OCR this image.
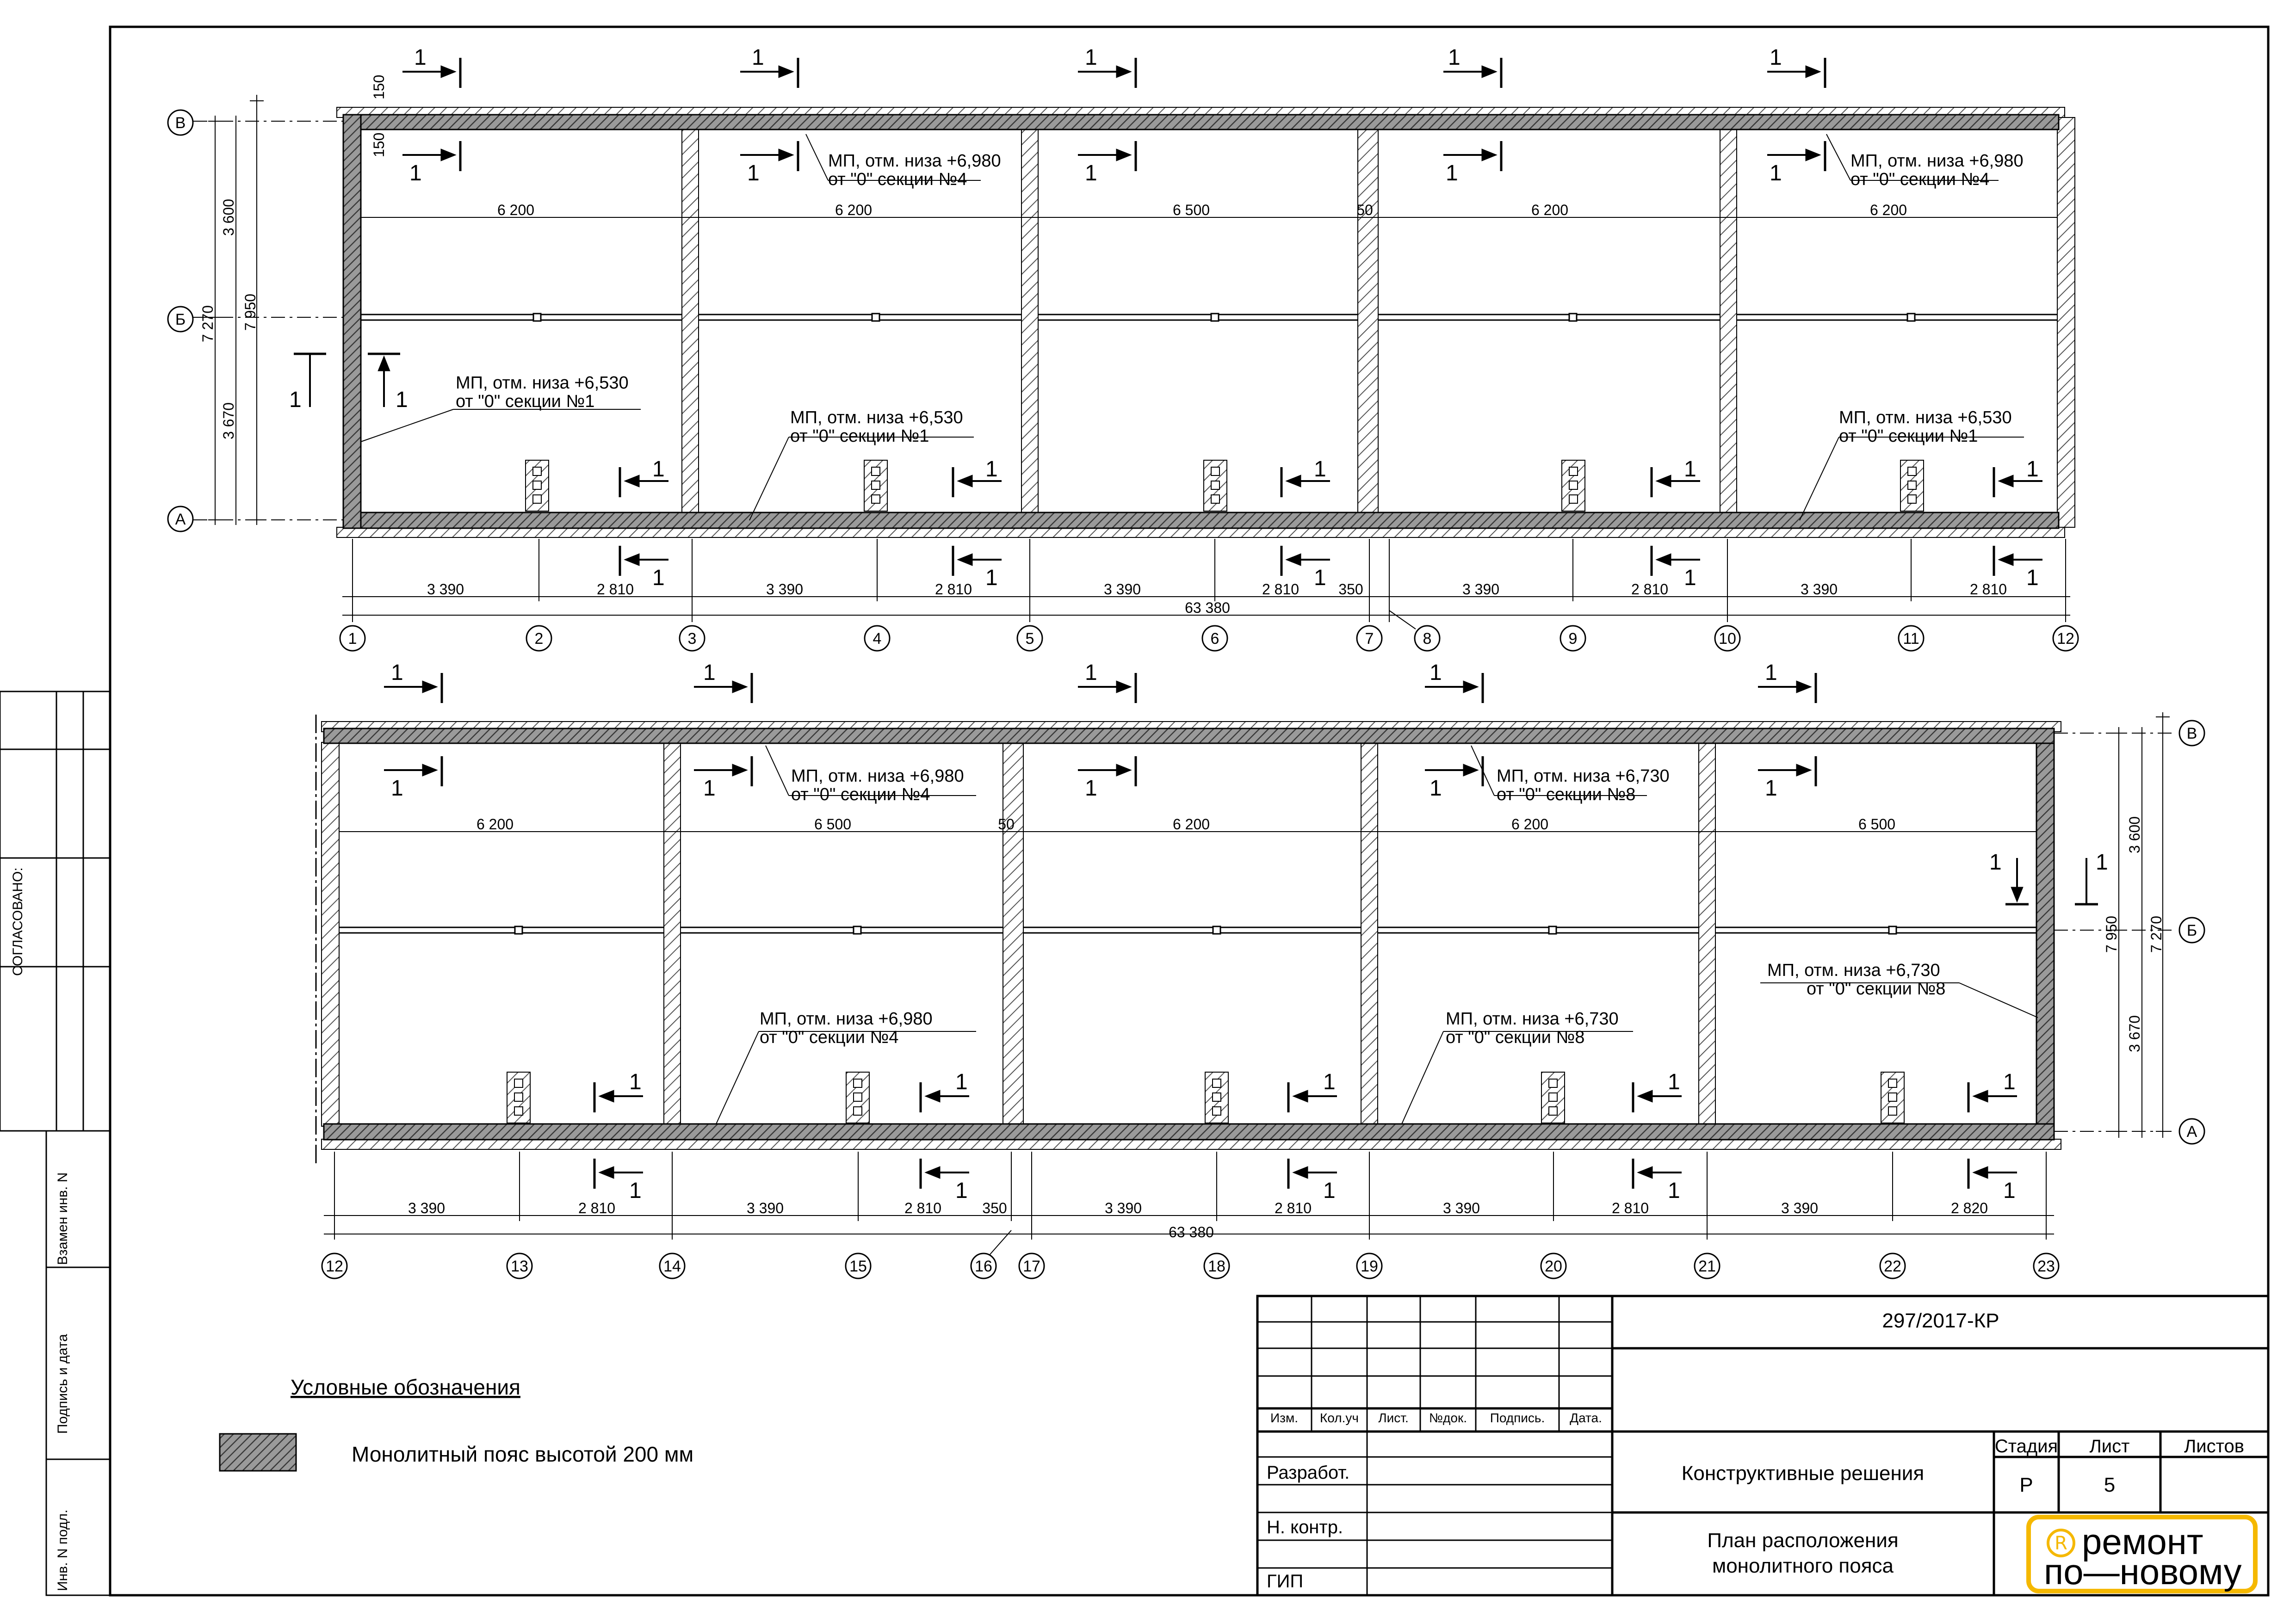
СОГЛАСОВАНО:
Взамен инв. N
Подпись и дата
Инв. N подл.
6 200	6 200	6 500	50	6 200	6 200
3 390	2 810	3 390	2 810	3 390	2 810	350	3 390	2 810	3 390	2 810
63 380
150
150
3 600
3 670
7 270 7 950
В
Б
А
1	2	3	4	5	6	7	8	9	10	11	12
МП, отм. низа +6,530
от "0" секции №1
МП, отм. низа +6,980
от "0" секции №4
МП, отм. низа +6,980
от "0" секции №4
МП, отм. низа +6,530
от "0" секции №1
МП, отм. низа +6,530
от "0" секции №1
1	1	1	1	1
1	1	1	1	1
1	1	1	1	1
1	1	1	1	1
1	1
6 200	6 500	50	6 200	6 200	6 500
3 390	2 810	3 390	2 810	350	3 390	2 810	3 390	2 810	3 390	2 820
63 380
3 600
3 670
7 270
7 950
В
Б
А
12	13	14	15	16 17	18	19	20	21	22	23
МП, отм. низа +6,980
от "0" секции №4
МП, отм. низа +6,730
от "0" секции №8
МП, отм. низа +6,980
от "0" секции №4
МП, отм. низа +6,730
от "0" секции №8
МП, отм. низа +6,730
от "0" секции №8
1	1	1	1	1
1	1	1	1	1
1	1	1	1	1
1	1	1	1	1
1	1
Условные обозначения
Монолитный пояс высотой 200 мм
297/2017-КР
Изм. Кол.уч Лист. №док. Подпись. Дата.
Разработ.
Н. контр.
ГИП
Конструктивные решения
План расположения
монолитного пояса
Стадия Лист	Листов
Р	5
R ремонт
по—новому
